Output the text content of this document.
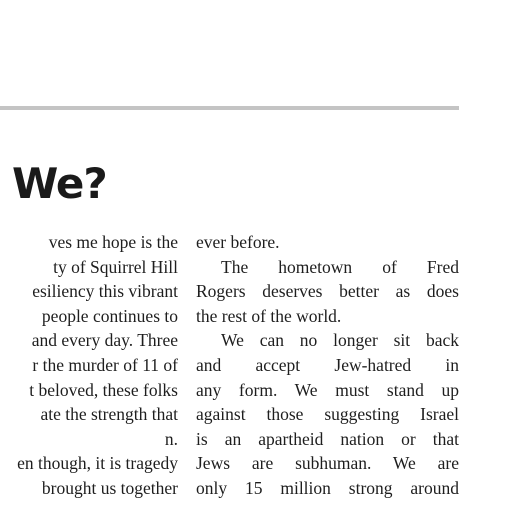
We?
ves me hope is the
ty of Squirrel Hill
esiliency this vibrant
people continues to
and every day. Three
r the murder of 11 of
t beloved, these folks
ate the strength that
n.
en though, it is tragedy
brought us together
ever before.
The hometown of Fred
Rogers deserves better as does
the rest of the world.
We can no longer sit back
and accept Jew-hatred in
any form. We must stand up
against those suggesting Israel
is an apartheid nation or that
Jews are subhuman. We are
only 15 million strong around
